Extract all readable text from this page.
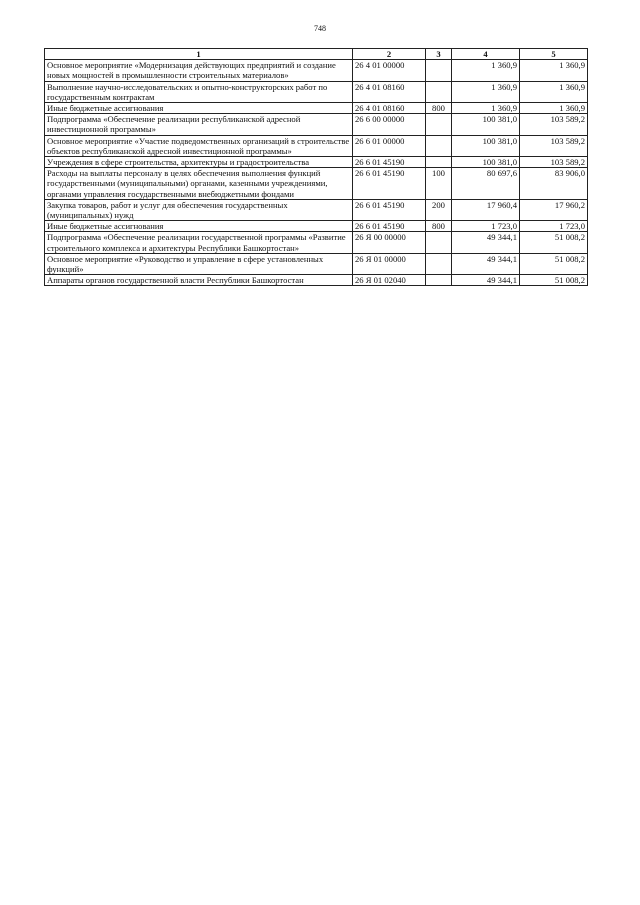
748
1	2	3	4	5
Основное мероприятие «Модернизация действующих предприятий и создание новых мощностей в промышленности строительных материалов»	26 4 01 00000		1 360,9	1 360,9
Выполнение научно-исследовательских и опытно-конструкторских работ по государственным контрактам	26 4 01 08160		1 360,9	1 360,9
Иные бюджетные ассигнования	26 4 01 08160	800	1 360,9	1 360,9
Подпрограмма «Обеспечение реализации республиканской адресной инвестиционной программы»	26 6 00 00000		100 381,0	103 589,2
Основное мероприятие «Участие подведомственных организаций в строительстве объектов республиканской адресной инвестиционной программы»	26 6 01 00000		100 381,0	103 589,2
Учреждения в сфере строительства, архитектуры и градостроительства	26 6 01 45190		100 381,0	103 589,2
Расходы на выплаты персоналу в целях обеспечения выполнения функций государственными (муниципальными) органами, казенными учреждениями, органами управления государственными внебюджетными фондами	26 6 01 45190	100	80 697,6	83 906,0
Закупка товаров, работ и услуг для обеспечения государственных (муниципальных) нужд	26 6 01 45190	200	17 960,4	17 960,2
Иные бюджетные ассигнования	26 6 01 45190	800	1 723,0	1 723,0
Подпрограмма «Обеспечение реализации государственной программы «Развитие строительного комплекса и архитектуры Республики Башкортостан»	26 Я 00 00000		49 344,1	51 008,2
Основное мероприятие «Руководство и управление в сфере установленных функций»	26 Я 01 00000		49 344,1	51 008,2
Аппараты органов государственной власти Республики Башкортостан	26 Я 01 02040		49 344,1	51 008,2
